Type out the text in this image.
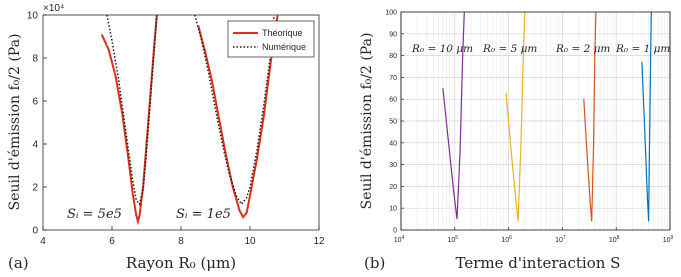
0
2
4
6
8
10
4	6	8	10	12
×10⁴
Théorique
Numérique
Sᵢ = 5e5	Sᵢ = 1e5
Seuil d'émission f₀/2 (Pa)
Rayon R₀ (μm)
(a)
0
10
20
30
40
50
60
70
80
90
100
$10^4$	$10^5$	$10^6$	$10^7$	$10^8$	$10^9$
R₀ = 10 μm R₀ = 5 μm R₀ = 2 μm R₀ = 1 μm
Seuil d'émission f₀/2 (Pa)
Terme d'interaction S
(b)
